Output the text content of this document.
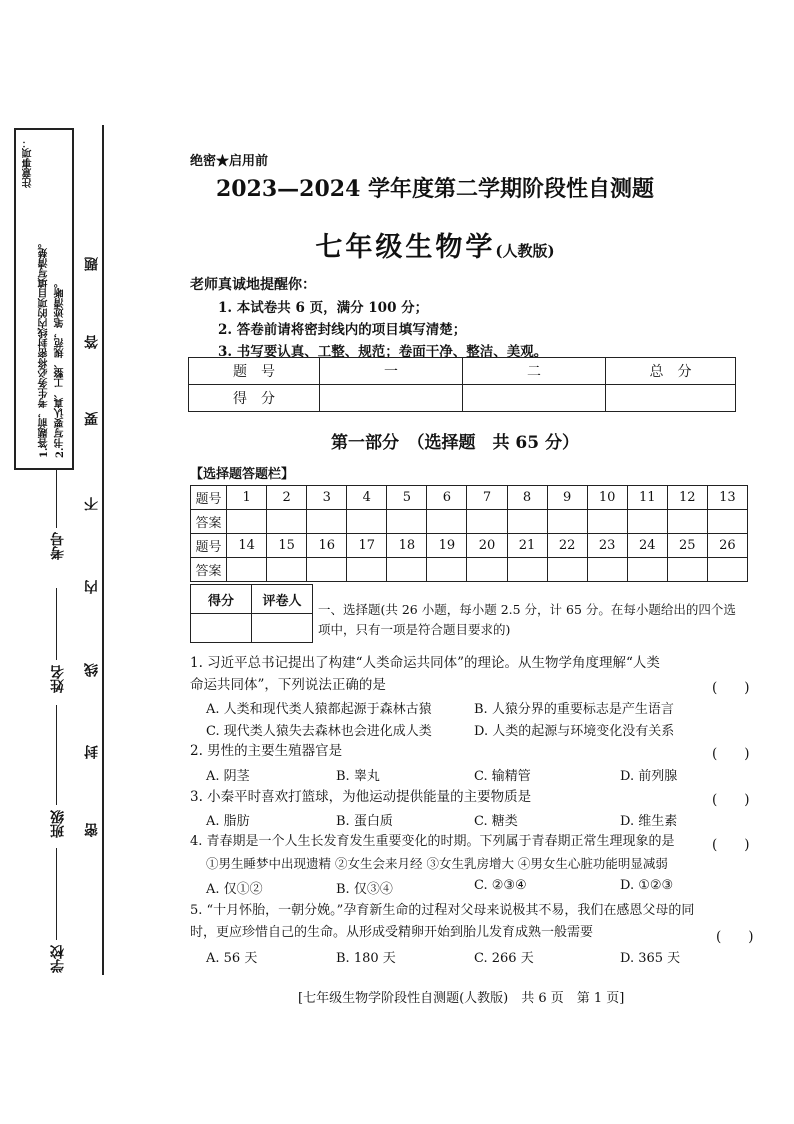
注意事项：
1.答题前，考生务必将密封线内的项目填写清楚。 2.书写要认真、工整、规范，笔迹清晰。
题
答
要
不
内
线
封
密
考号
姓名
班级
学校
绝密★启用前
2023—2024 学年度第二学期阶段性自测题
七年级生物学(人教版)
老师真诚地提醒你：
1. 本试卷共 6 页，满分 100 分；
2. 答卷前请将密封线内的项目填写清楚；
3. 书写要认真、工整、规范；卷面干净、整洁、美观。
题　号	一	二	总　分
得　分			
第一部分　（选择题　共 65 分）
【选择题答题栏】
题号	1	2	3	4	5	6	7	8	9	10	11	12	13
答案													
题号	14	15	16	17	18	19	20	21	22	23	24	25	26
答案													
得分	评卷人

一、选择题(共 26 小题，每小题 2.5 分，计 65 分。在每小题给出的四个选项中，只有一项是符合题目要求的)
1. 习近平总书记提出了构建“人类命运共同体”的理论。从生物学角度理解“人类命运共同体”，下列说法正确的是	(　　)
A. 人类和现代类人猿都起源于森林古猿	B. 人猿分界的重要标志是产生语言
C. 现代类人猿失去森林也会进化成人类	D. 人类的起源与环境变化没有关系
2. 男性的主要生殖器官是	(　　)
A. 阴茎	B. 睾丸	C. 输精管	D. 前列腺
3. 小秦平时喜欢打篮球，为他运动提供能量的主要物质是	(　　)
A. 脂肪	B. 蛋白质	C. 糖类	D. 维生素
4. 青春期是一个人生长发育发生重要变化的时期。下列属于青春期正常生理现象的是	(　　)
①男生睡梦中出现遗精 ②女生会来月经 ③女生乳房增大 ④男女生心脏功能明显减弱
A. 仅①②	B. 仅③④	C. ②③④	D. ①②③
5. “十月怀胎，一朝分娩。”孕育新生命的过程对父母来说极其不易，我们在感恩父母的同时，更应珍惜自己的生命。从形成受精卵开始到胎儿发育成熟一般需要	(　　)
A. 56 天	B. 180 天	C. 266 天	D. 365 天
[七年级生物学阶段性自测题(人教版)　共 6 页　第 1 页]
